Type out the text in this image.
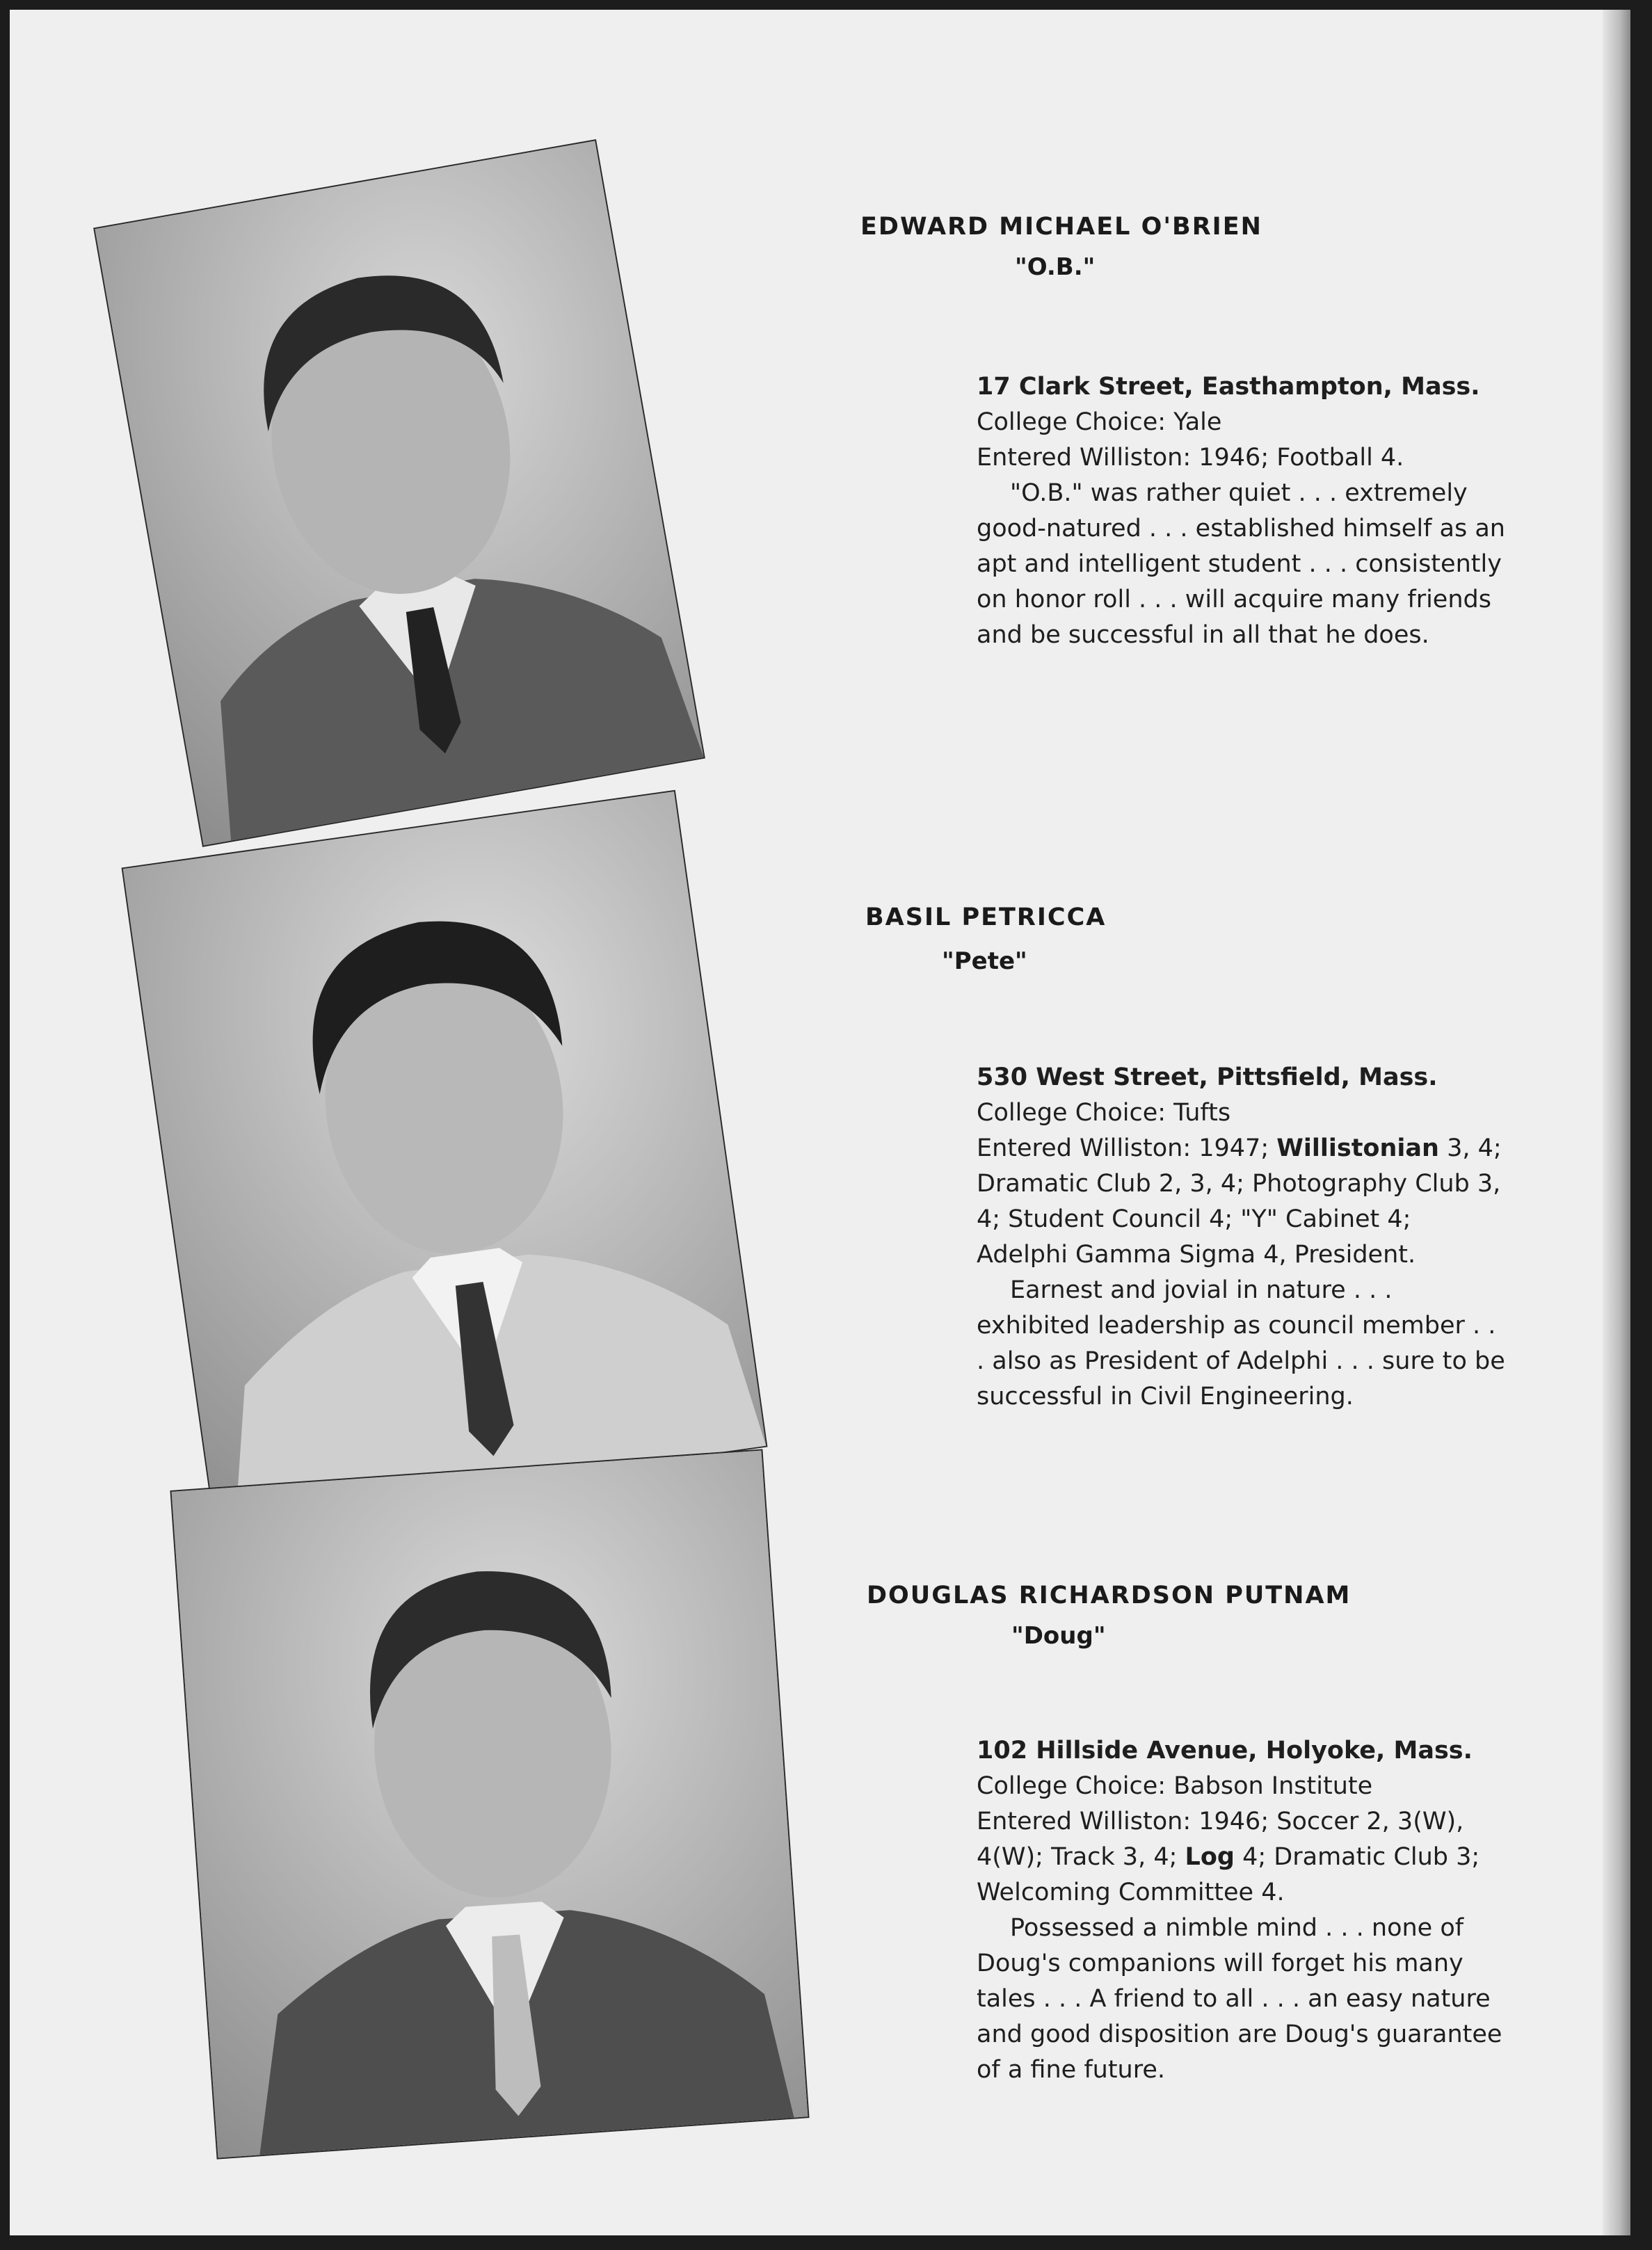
EDWARD MICHAEL O'BRIEN
"O.B."
17 Clark Street, Easthampton, Mass.
College Choice: Yale
Entered Williston: 1946; Football 4.
"O.B." was rather quiet . . . extremely good-natured . . . established himself as an apt and intelligent student . . . consistently on honor roll . . . will acquire many friends and be successful in all that he does.
BASIL PETRICCA
"Pete"
530 West Street, Pittsfield, Mass.
College Choice: Tufts
Entered Williston: 1947; Willistonian 3, 4; Dramatic Club 2, 3, 4; Photography Club 3, 4; Student Council 4; "Y" Cabinet 4; Adelphi Gamma Sigma 4, President.
Earnest and jovial in nature . . . exhibited leadership as council member . . . also as President of Adelphi . . . sure to be successful in Civil Engineering.
DOUGLAS RICHARDSON PUTNAM
"Doug"
102 Hillside Avenue, Holyoke, Mass.
College Choice: Babson Institute
Entered Williston: 1946; Soccer 2, 3(W), 4(W); Track 3, 4; Log 4; Dramatic Club 3; Welcoming Committee 4.
Possessed a nimble mind . . . none of Doug's companions will forget his many tales . . . A friend to all . . . an easy nature and good disposition are Doug's guarantee of a fine future.
